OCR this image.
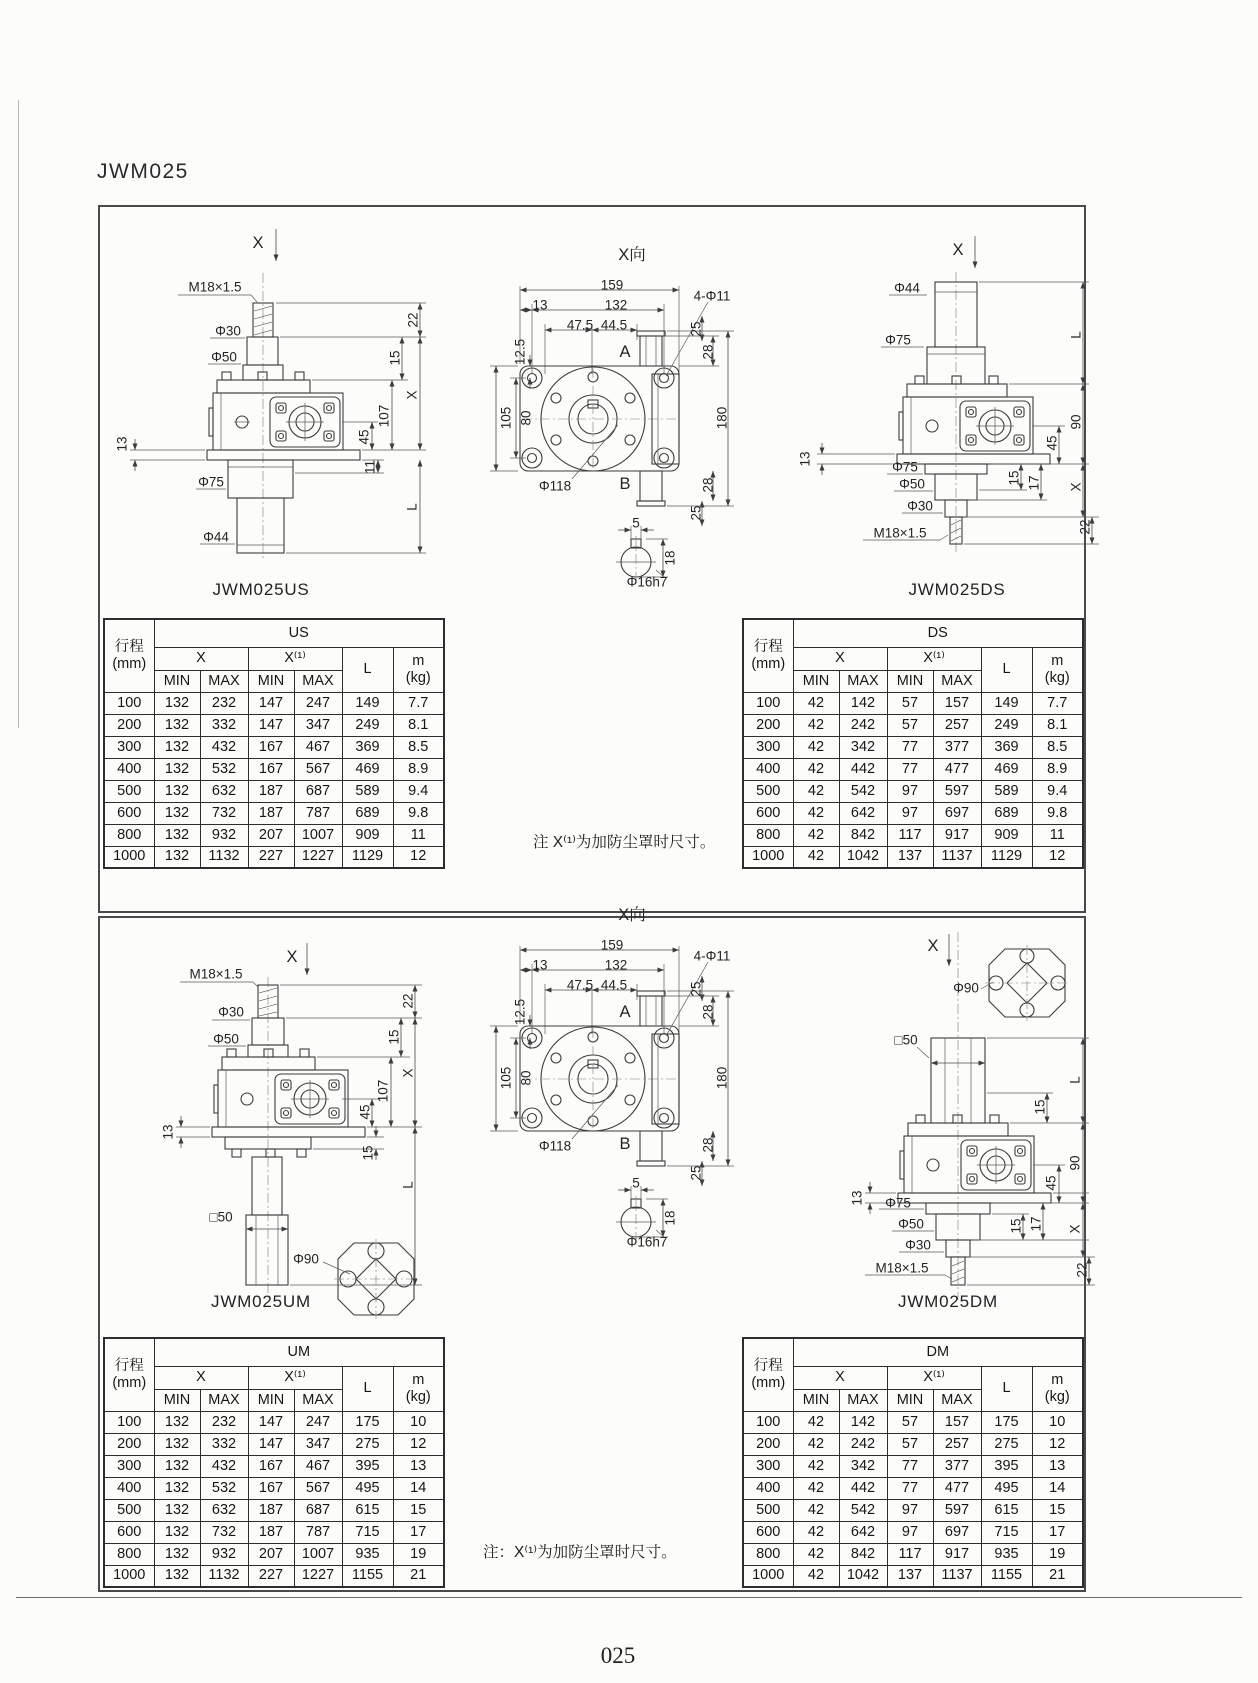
JWM025
X
M18×1.5
Φ30
Φ50
13
Φ75
Φ44
22
15
X
107
45
11
L
X向
159
13	132
4-Φ11
47.5 44.5	25
28
A
12.5
105 80	180
Φ118	B	28
25
5
18
Φ16h7
X
Φ44
Φ75	L
90
45
13
Φ75
Φ50	15 17 X
Φ30
22
M18×1.5
JWM025US	JWM025DS
行程
(mm)	US					
	X		X⁽¹⁾		L	m
(kg)
	MIN	MAX	MIN	MAX		
100	132	232	147	247	149	7.7
200	132	332	147	347	249	8.1
300	132	432	167	467	369	8.5
400	132	532	167	567	469	8.9
500	132	632	187	687	589	9.4
600	132	732	187	787	689	9.8
800	132	932	207	1007	909	11
1000	132	1132	227	1227	1129	12
行程
(mm)	DS					
	X		X⁽¹⁾		L	m
(kg)
	MIN	MAX	MIN	MAX		
100	42	142	57	157	149	7.7
200	42	242	57	257	249	8.1
300	42	342	77	377	369	8.5
400	42	442	77	477	469	8.9
500	42	542	97	597	589	9.4
600	42	642	97	697	689	9.8
800	42	842	117	917	909	11
1000	42	1042	137	1137	1129	12
注 X⁽¹⁾为加防尘罩时尺寸。
X
M18×1.5
Φ30
Φ50
22
15
X
107
45
13
15
L
□50
Φ90
X向
159
13	132
4-Φ11
47.5 44.5	25
28
A
12.5
105 80	180
Φ118	B	28
25
5
18
Φ16h7
X
Φ90
□50
L
15
90
45
13 Φ75
Φ50	15 17 X
Φ30
22
M18×1.5
JWM025UM	JWM025DM
行程
(mm)	UM					
	X		X⁽¹⁾		L	m
(kg)
	MIN	MAX	MIN	MAX		
100	132	232	147	247	175	10
200	132	332	147	347	275	12
300	132	432	167	467	395	13
400	132	532	167	567	495	14
500	132	632	187	687	615	15
600	132	732	187	787	715	17
800	132	932	207	1007	935	19
1000	132	1132	227	1227	1155	21
行程
(mm)	DM					
	X		X⁽¹⁾		L	m
(kg)
	MIN	MAX	MIN	MAX		
100	42	142	57	157	175	10
200	42	242	57	257	275	12
300	42	342	77	377	395	13
400	42	442	77	477	495	14
500	42	542	97	597	615	15
600	42	642	97	697	715	17
800	42	842	117	917	935	19
1000	42	1042	137	1137	1155	21
注：X⁽¹⁾为加防尘罩时尺寸。
025
